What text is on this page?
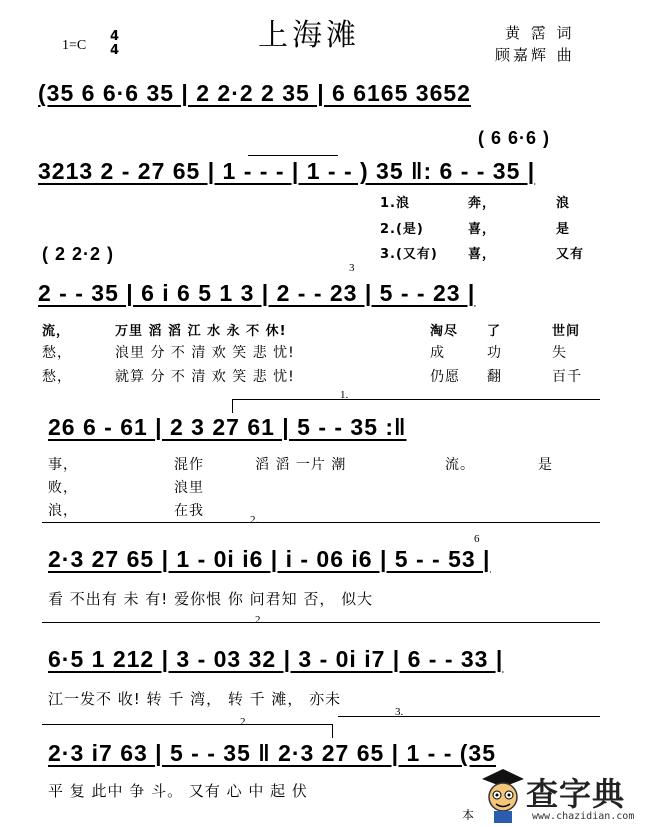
上海滩	黄 霑 词
顾嘉辉 曲
1=C
4
4
(35 6 6·6 35 | 2 2·2 2 35 | 6 6165 3652
( 6 6·6 )
3213 2 - 27 65 | 1 - - - | 1 - - ) 35 ‖: 6 - - 35 |
1.浪	奔，	浪
2.(是)	喜，	是
3.(又有) 喜，	又有
( 2 2·2 )
3
2 - - 35 | 6 i 6 5 1 3 | 2 - - 23 | 5 - - 23 |
流，	万里 滔 滔 江 水 永 不 休!	淘尽 了	世间
愁，	浪里 分 不 清 欢 笑 悲 忧!	成	功	失
愁，	就算 分 不 清 欢 笑 悲 忧!	仍愿 翻	百千
1.
26 6 - 61 | 2 3 27 61 | 5 - - 35 :‖
事，	混作	滔 滔 一片 潮	流。	是
败，	浪里
浪，	在我
2.
6
2·3 27 65 | 1 - 0i i6 | i - 06 i6 | 5 - - 53 |
看 不出有 未 有! 爱你恨 你 问君知 否， 似大
2.
6·5 1 212 | 3 - 03 32 | 3 - 0i i7 | 6 - - 33 |
江一发不 收! 转 千 湾， 转 千 滩， 亦未
2.
3.
2·3 i7 63 | 5 - - 35 ‖ 2·3 27 65 | 1 - - (35
平 复 此中 争 斗。 又有 心 中 起 伏
本
查字典
www.chazidian.com
